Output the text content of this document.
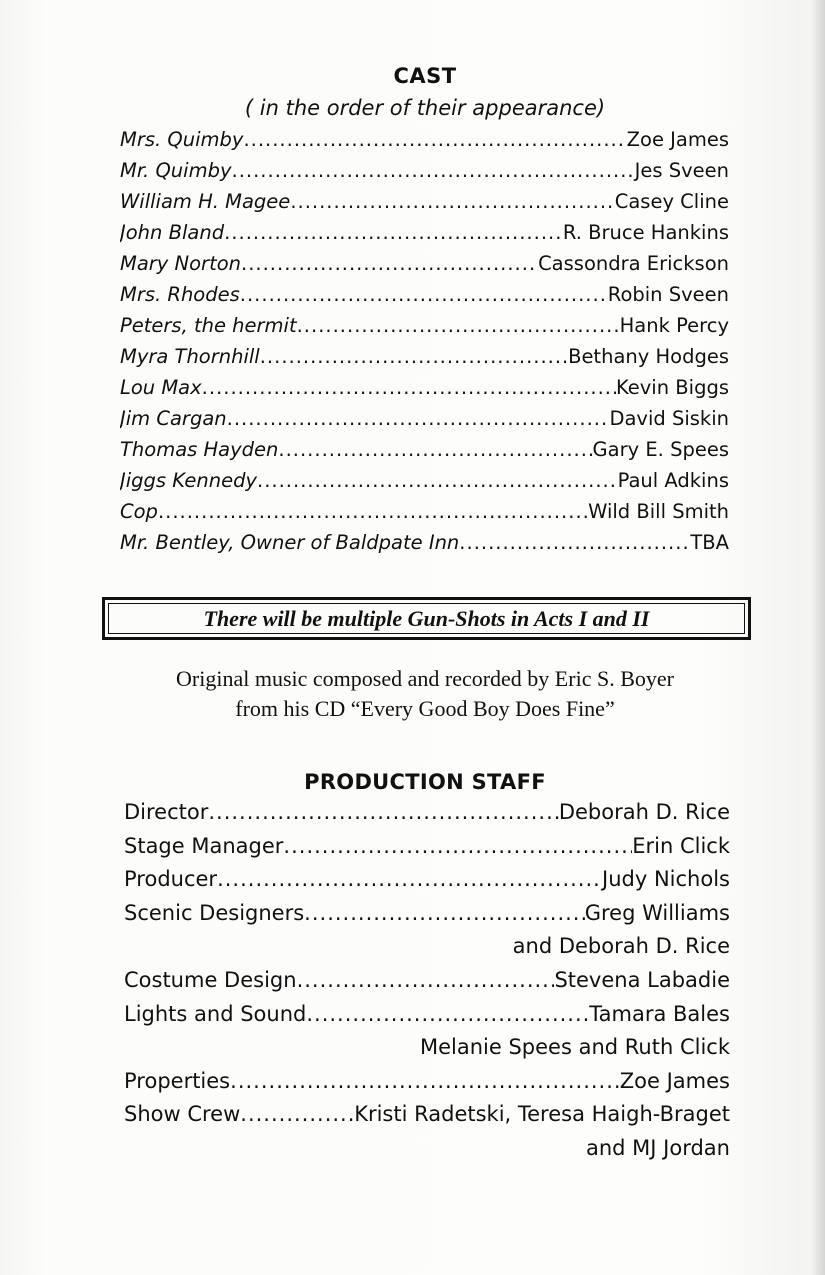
CAST
( in the order of their appearance)
Mrs. Quimby .....	Zoe James
Mr. Quimby .....	Jes Sveen
William H. Magee .....	Casey Cline
John Bland .....	R. Bruce Hankins
Mary Norton .....	Cassondra Erickson
Mrs. Rhodes .....	Robin Sveen
Peters, the hermit .....	Hank Percy
Myra Thornhill .....	Bethany Hodges
Lou Max .....	Kevin Biggs
Jim Cargan .....	David Siskin
Thomas Hayden .....	Gary E. Spees
Jiggs Kennedy .....	Paul Adkins
Cop .....	Wild Bill Smith
Mr. Bentley, Owner of Baldpate Inn .....	TBA
There will be multiple Gun-Shots in Acts I and II
Original music composed and recorded by Eric S. Boyer
from his CD “Every Good Boy Does Fine”
PRODUCTION STAFF
Director .....	Deborah D. Rice
Stage Manager .....	Erin Click
Producer .....	Judy Nichols
Scenic Designers .....	Greg Williams
and Deborah D. Rice
Costume Design .....	Stevena Labadie
Lights and Sound .....	Tamara Bales
Melanie Spees and Ruth Click
Properties .....	Zoe James
Show Crew .....	Kristi Radetski, Teresa Haigh-Braget
and MJ Jordan
